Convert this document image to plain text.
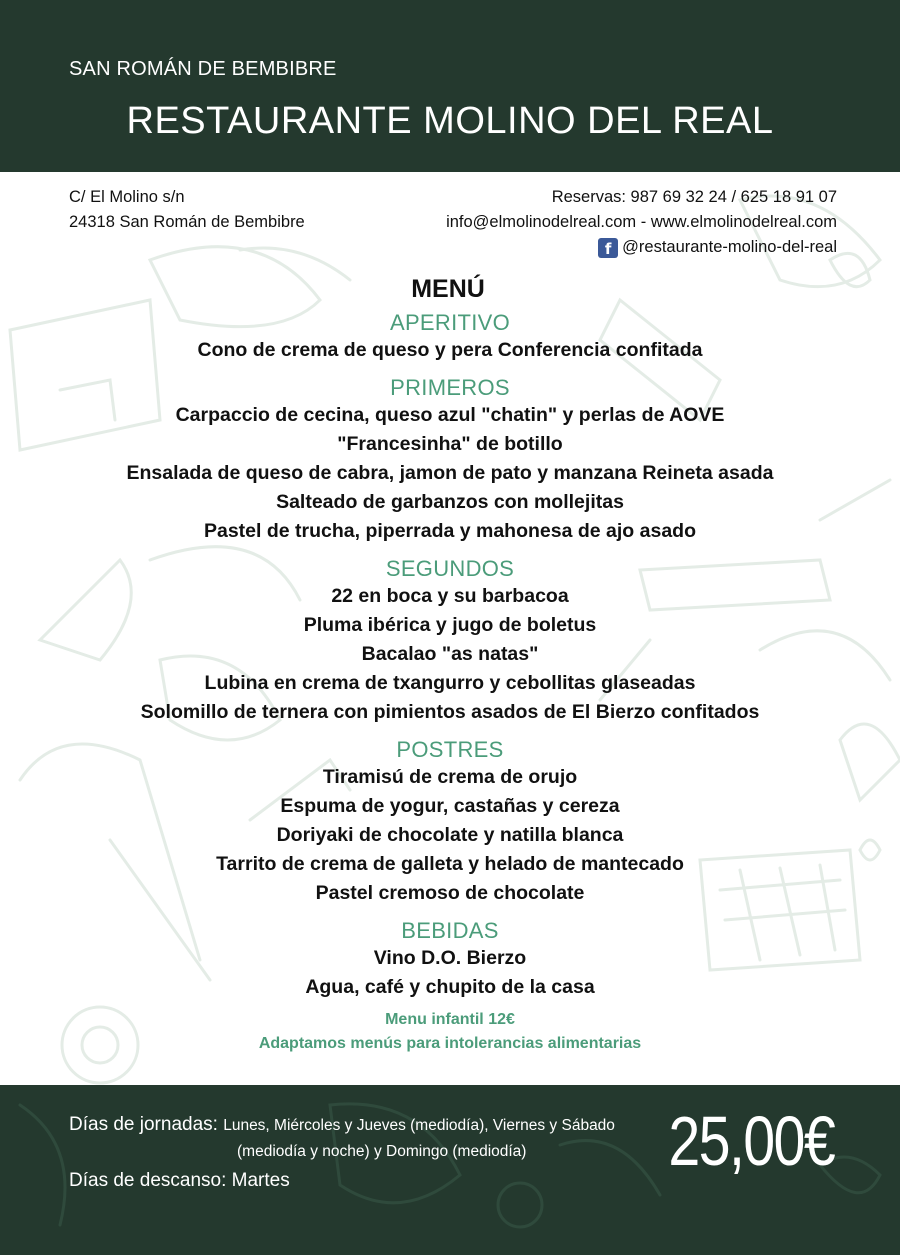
SAN ROMÁN DE BEMBIBRE
RESTAURANTE MOLINO DEL REAL
C/ El Molino s/n
24318 San Román de Bembibre
Reservas: 987 69 32 24 / 625 18 91 07
info@elmolinodelreal.com - www.elmolinodelreal.com
f @restaurante-molino-del-real
MENÚ
APERITIVO
Cono de crema de queso y pera Conferencia confitada
PRIMEROS
Carpaccio de cecina, queso azul "chatin" y perlas de AOVE
"Francesinha" de botillo
Ensalada de queso de cabra, jamon de pato y manzana Reineta asada
Salteado de garbanzos con mollejitas
Pastel de trucha, piperrada y mahonesa de ajo asado
SEGUNDOS
22 en boca y su barbacoa
Pluma ibérica y jugo de boletus
Bacalao "as natas"
Lubina en crema de txangurro y cebollitas glaseadas
Solomillo de ternera con pimientos asados de El Bierzo confitados
POSTRES
Tiramisú de crema de orujo
Espuma de yogur, castañas y cereza
Doriyaki de chocolate y natilla blanca
Tarrito de crema de galleta y helado de mantecado
Pastel cremoso de chocolate
BEBIDAS
Vino D.O. Bierzo
Agua, café y chupito de la casa
Menu infantil 12€
Adaptamos menús para intolerancias alimentarias
Días de jornadas: Lunes, Miércoles y Jueves (mediodía), Viernes y Sábado
(mediodía y noche) y Domingo (mediodía)
Días de descanso: Martes
25,00€
